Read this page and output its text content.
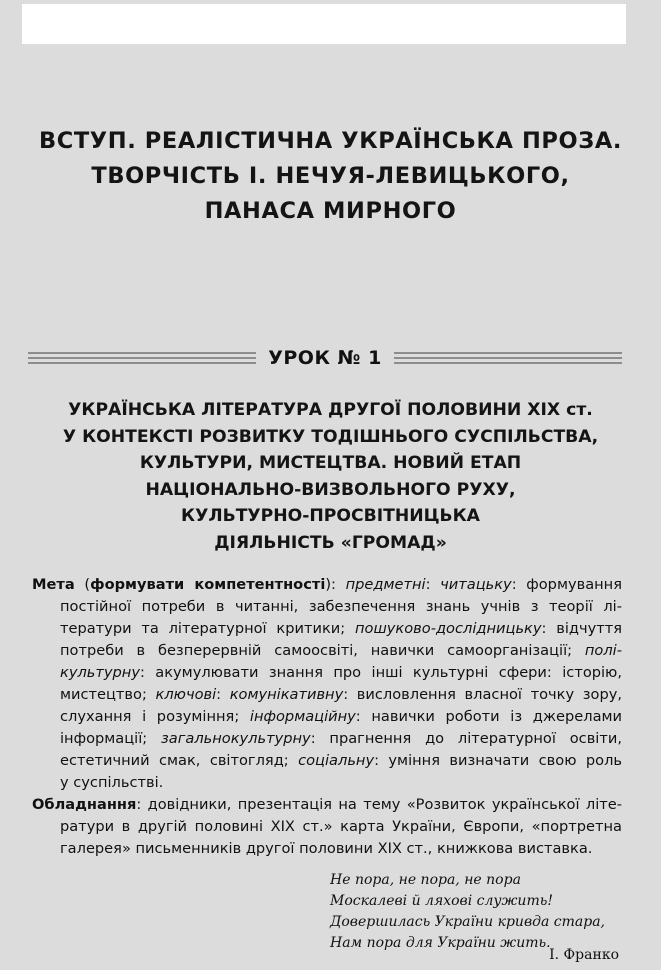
ВСТУП. РЕАЛІСТИЧНА УКРАЇНСЬКА ПРОЗА.
ТВОРЧІСТЬ І. НЕЧУЯ-ЛЕВИЦЬКОГО,
ПАНАСА МИРНОГО
УРОК № 1
УКРАЇНСЬКА ЛІТЕРАТУРА ДРУГОЇ ПОЛОВИНИ XIX ст.
У КОНТЕКСТІ РОЗВИТКУ ТОДІШНЬОГО СУСПІЛЬСТВА,
КУЛЬТУРИ, МИСТЕЦТВА. НОВИЙ ЕТАП
НАЦІОНАЛЬНО-ВИЗВОЛЬНОГО РУХУ,
КУЛЬТУРНО-ПРОСВІТНИЦЬКА
ДІЯЛЬНІСТЬ «ГРОМАД»
Мета (формувати компетентності): предметні: читацьку: формування
постійної потреби в читанні, забезпечення знань учнів з теорії лі-
тератури та літературної критики; пошуково-дослідницьку: відчуття
потреби в безперервній самоосвіті, навички самоорганізації; полі-
культурну: акумулювати знання про інші культурні сфери: історію,
мистецтво; ключові: комунікативну: висловлення власної точку зору,
слухання і розуміння; інформаційну: навички роботи із джерелами
інформації; загальнокультурну: прагнення до літературної освіти,
естетичний смак, світогляд; соціальну: уміння визначати свою роль
у суспільстві.
Обладнання: довідники, презентація на тему «Розвиток української літе-
ратури в другій половині XIX ст.» карта України, Європи, «портретна
галерея» письменників другої половини XIX ст., книжкова виставка.
Не пора, не пора, не пора
Москалеві й ляхові служить!
Довершилась України кривда стара,
Нам пора для України жить.
І. Франко
